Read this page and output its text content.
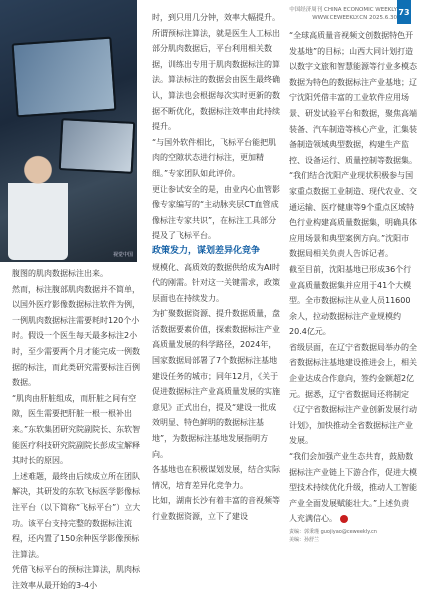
视觉中国
中国经济周刊 CHINA ECONOMIC WEEKLY
WWW.CEWEEKLY.CN 2025.6.30
73

腹图的肌肉数据标注出来。

然而，标注腹部肌肉数据并不简单，以国外医疗影像数据标注软件为例，一例肌肉数据标注需要耗时120个小时。假设一个医生每天最多标注2小时，至少需要两个月才能完成一例数据的标注，而此类研究需要标注百例数据。

“肌肉由肝脏组成，而肝脏之间有空隙，医生需要把肝脏一根一根补出来。”东软集团研究院副院长、东软智能医疗科技研究院副院长彭成宝解释其时长的原因。

上述难题，最终由后续成立所在团队解决，其研发的东软飞标医学影像标注平台（以下简称“飞标平台”）立大功。该平台支持完整的数据标注流程，还内置了150余种医学影像预标注算法。

凭借飞标平台的预标注算法，肌肉标注效率从最开始的3-4小

时，到只用几分钟，效率大幅提升。所谓预标注算法，就是医生人工标出部分肌肉数据后，平台利用相关数据，训练出专用于肌肉数据标注的算法。算法标注的数据会由医生最终确认，算法也会根据每次实时更新的数据不断优化，数据标注效率由此持续提升。

“与国外软件相比，飞标平台能把肌肉的空隙状态进行标注，更加精细。”专家团队如此评价。

更让参试安全的是，由业内心血管影像专家编写的“主动脉夹层CT血管成像标注专家共识”，在标注工具部分提及了飞标平台。

政策发力，谋划差异化竞争

规模化、高质效的数据供给成为AI时代的刚需。针对这一关键需求，政策层面也在持续发力。

为扩聚数据资源、提升数据质量，盘活数据要素价值，探索数据标注产业高质量发展的科学路径，2024年，国家数据局部署了7个数据标注基地建设任务的城市；同年12月，《关于促进数据标注产业高质量发展的实施意见》正式出台，提及“建设一批成效明显、特色鲜明的数据标注基地”，为数据标注基地发展指明方向。

各基地也在积极谋划发展，结合实际情况，培育差异化竞争力。

比如，湖南长沙有着丰富的音视频等行业数据资源，立下了建设

“全球高质量音视频文创数据特色开发基地”的目标；山西大同计划打造以数字文旅和智慧能源等行业多模态数据为特色的数据标注产业基地；辽宁沈阳凭借丰富的工业软件应用场景、研发试验平台和数据，聚焦高端装备、汽车制造等核心产业，汇集装备制造领域典型数据，构建生产监控、设备运行、质量控制等数据集。

“我们结合沈阳产业现状积极参与国家重点数据工业制造、现代农业、交通运输、医疗健康等9个重点区域特色行业构建高质量数据集，明确具体应用场景和典型案例方向。”沈阳市数据局相关负责人告诉记者。

截至目前，沈阳基地已形成36个行业高质量数据集并应用于41个大模型。全市数据标注从业人员11600余人，拉动数据标注产业规模约20.4亿元。

省级层面，在辽宁省数据局举办的全省数据标注基地建设推进会上，相关企业达成合作意向，签约金额超2亿元。据悉，辽宁省数据局还将制定《辽宁省数据标注产业创新发展行动计划》，加快推动全省数据标注产业发展。

“我们会加强产业生态共育，鼓励数据标注产业链上下游合作，促进大模型技术持续优化升级，推动人工智能产业全面发展赋能壮大。”上述负责人充满信心。

责编：郭秉瑾 guojiyao@ceweekly.cn
美编：孙舒兰
